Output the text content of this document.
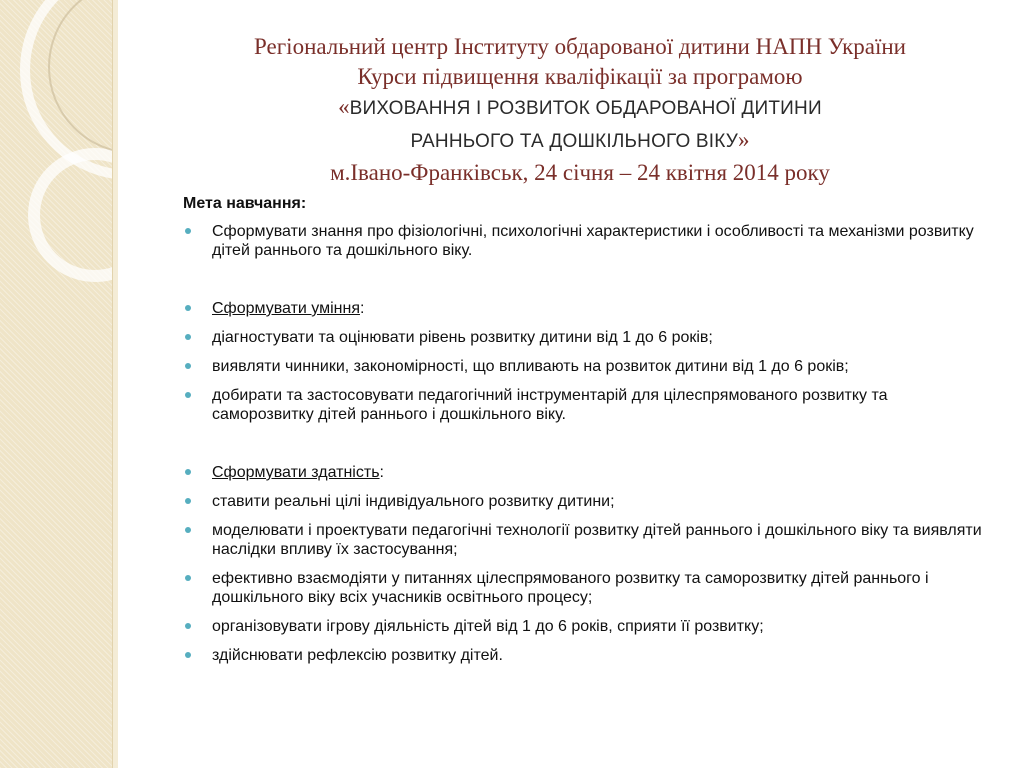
Регіональний центр Інституту обдарованої дитини НАПН України
Курси підвищення кваліфікації за програмою
«ВИХОВАННЯ І РОЗВИТОК ОБДАРОВАНОЇ ДИТИНИ
РАННЬОГО ТА ДОШКІЛЬНОГО ВІКУ»
м.Івано-Франківськ, 24 січня – 24 квітня 2014 року
Мета навчання:
Сформувати знання про фізіологічні, психологічні характеристики і особливості та механізми розвитку дітей раннього та дошкільного віку.
Сформувати уміння:
діагностувати та оцінювати рівень розвитку дитини від 1 до 6 років;
виявляти чинники, закономірності, що впливають на розвиток дитини від 1 до 6 років;
добирати та застосовувати педагогічний інструментарій для цілеспрямованого розвитку та саморозвитку дітей раннього і дошкільного віку.
Сформувати здатність:
ставити реальні цілі індивідуального розвитку дитини;
моделювати і проектувати педагогічні технології розвитку дітей раннього і дошкільного віку та виявляти наслідки впливу їх застосування;
ефективно взаємодіяти у питаннях цілеспрямованого розвитку та саморозвитку дітей раннього і дошкільного віку всіх учасників освітнього процесу;
організовувати ігрову діяльність дітей від 1 до 6 років, сприяти її розвитку;
здійснювати рефлексію розвитку дітей.
